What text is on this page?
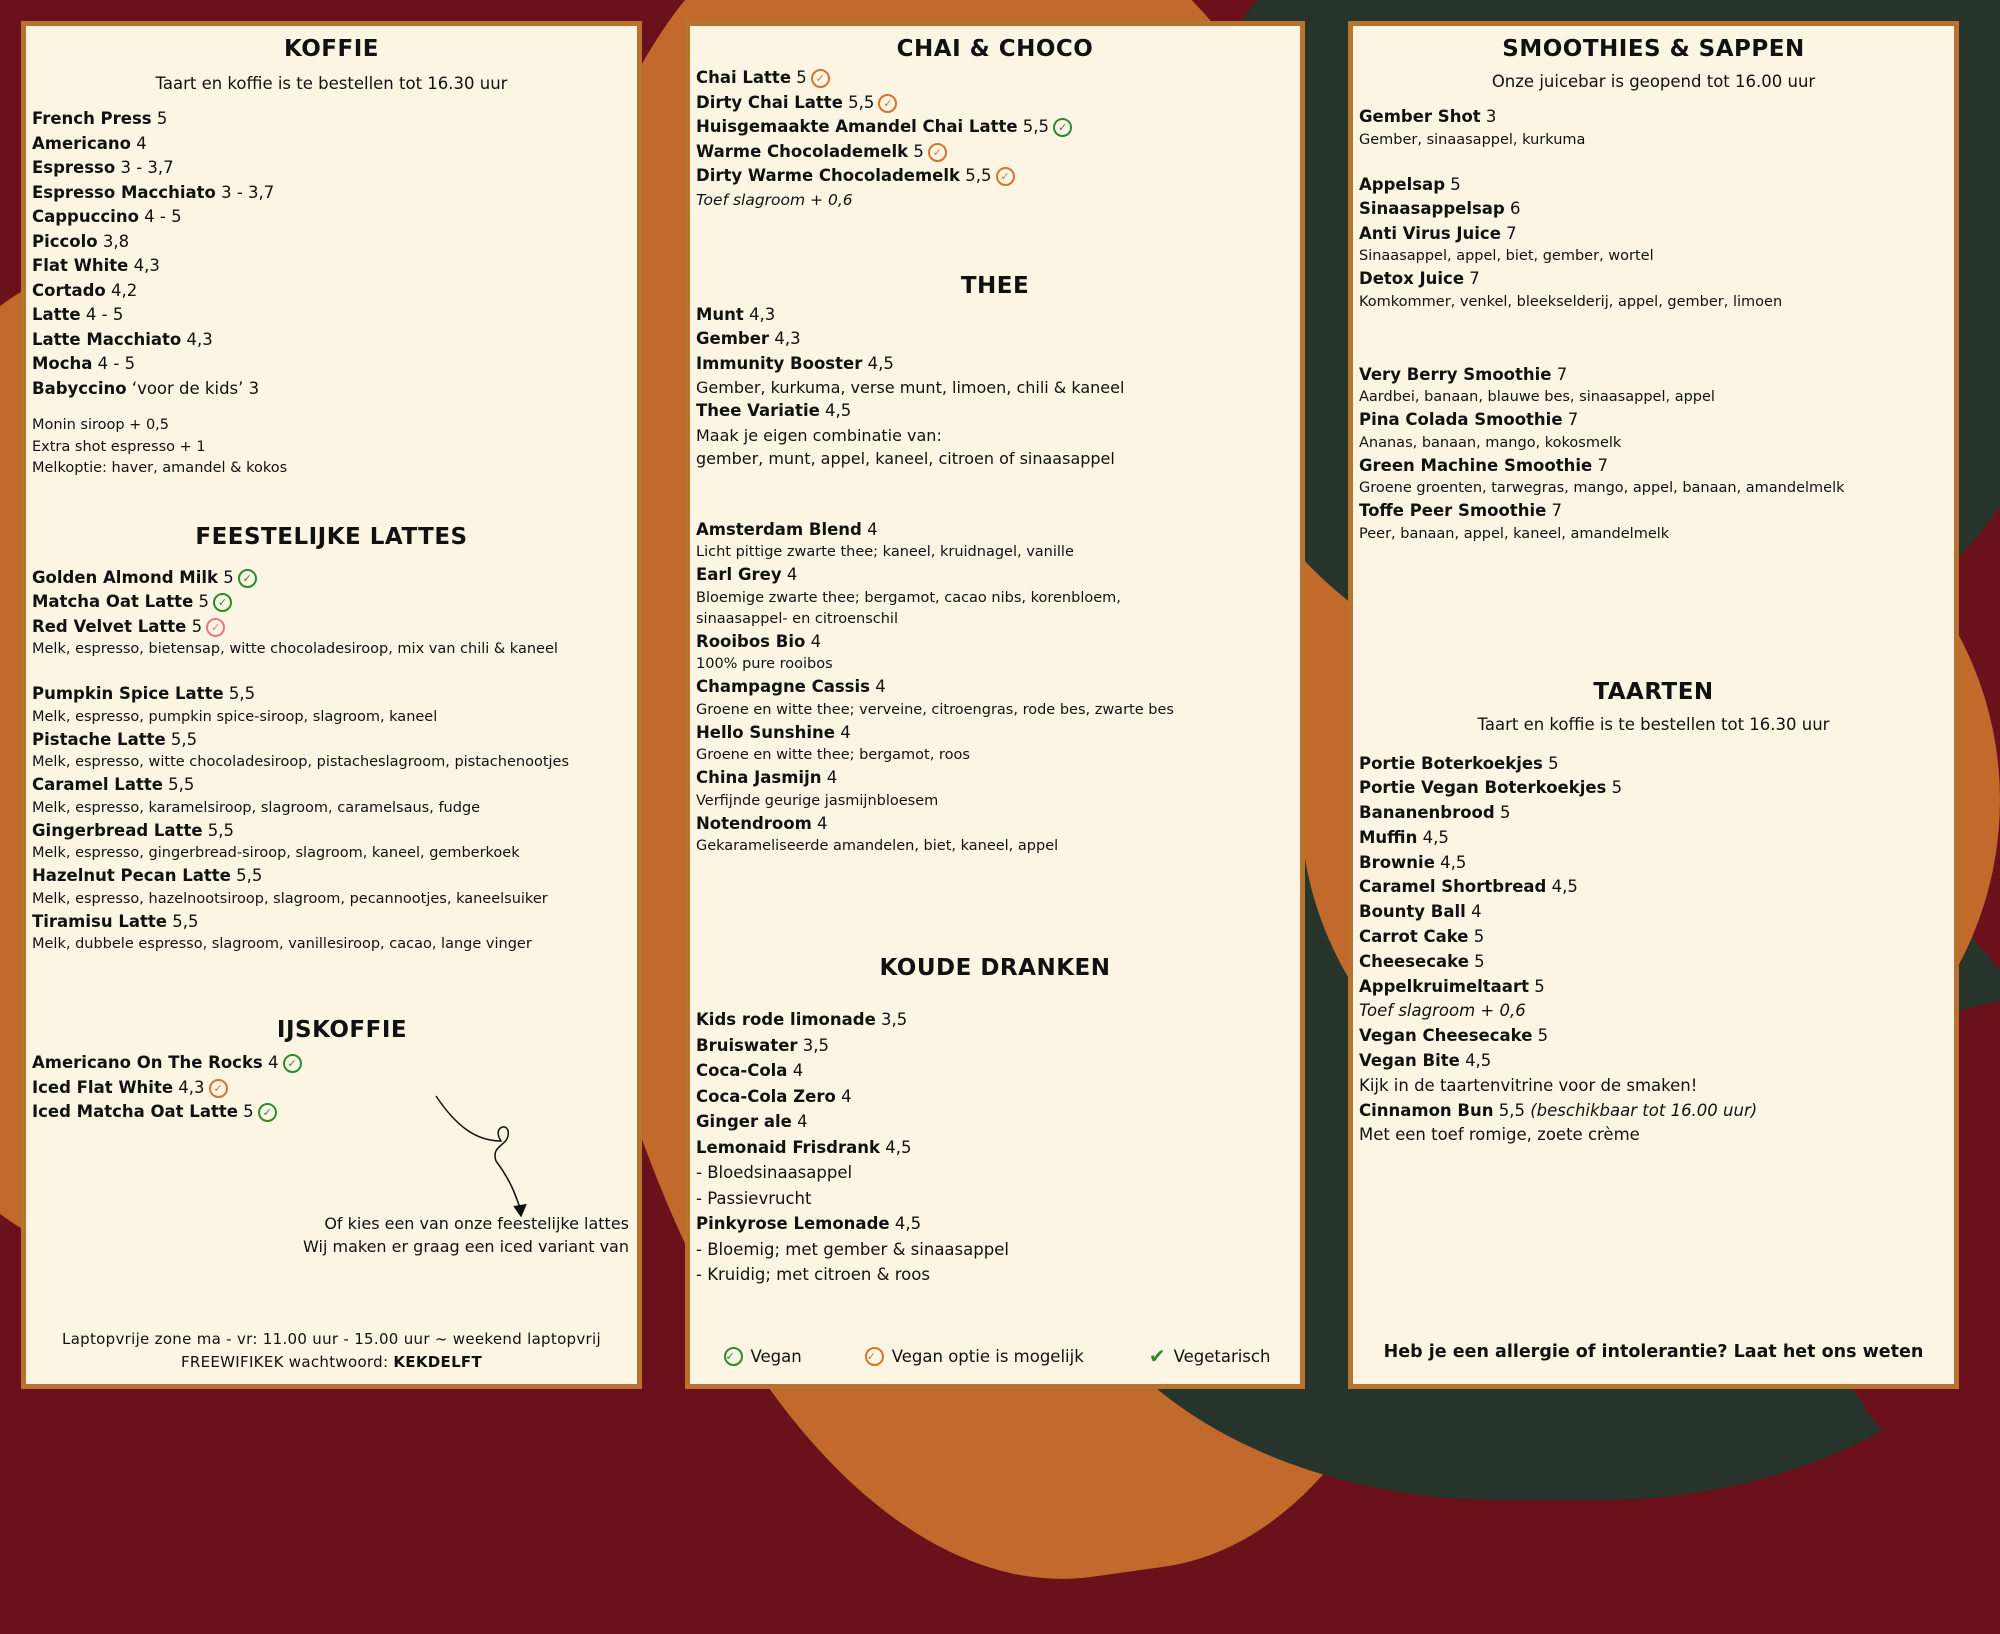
KOFFIE

Taart en koffie is te bestellen tot 16.30 uur

French Press 5
Americano 4
Espresso 3 - 3,7
Espresso Macchiato 3 - 3,7
Cappuccino 4 - 5
Piccolo 3,8
Flat White 4,3
Cortado 4,2
Latte 4 - 5
Latte Macchiato 4,3
Mocha 4 - 5
Babyccino ‘voor de kids’ 3
Monin siroop + 0,5
Extra shot espresso + 1
Melkoptie: haver, amandel & kokos
FEESTELIJKE LATTES
Golden Almond Milk 5 ✓
Matcha Oat Latte 5 ✓
Red Velvet Latte 5 ✓
Melk, espresso, bietensap, witte chocoladesiroop, mix van chili & kaneel
Pumpkin Spice Latte 5,5
Melk, espresso, pumpkin spice-siroop, slagroom, kaneel
Pistache Latte 5,5
Melk, espresso, witte chocoladesiroop, pistacheslagroom, pistachenootjes
Caramel Latte 5,5
Melk, espresso, karamelsiroop, slagroom, caramelsaus, fudge
Gingerbread Latte 5,5
Melk, espresso, gingerbread-siroop, slagroom, kaneel, gemberkoek
Hazelnut Pecan Latte 5,5
Melk, espresso, hazelnootsiroop, slagroom, pecannootjes, kaneelsuiker
Tiramisu Latte 5,5
Melk, dubbele espresso, slagroom, vanillesiroop, cacao, lange vinger
IJSKOFFIE
Americano On The Rocks 4 ✓
Iced Flat White 4,3 ✓
Iced Matcha Oat Latte 5 ✓
Of kies een van onze feestelijke lattes
Wij maken er graag een iced variant van
Laptopvrije zone ma - vr: 11.00 uur - 15.00 uur ~ weekend laptopvrij
FREEWIFIKEK wachtwoord: KEKDELFT
CHAI & CHOCO
Chai Latte 5 ✓
Dirty Chai Latte 5,5 ✓
Huisgemaakte Amandel Chai Latte 5,5 ✓
Warme Chocolademelk 5 ✓
Dirty Warme Chocolademelk 5,5 ✓
Toef slagroom + 0,6
THEE
Munt 4,3
Gember 4,3
Immunity Booster 4,5
Gember, kurkuma, verse munt, limoen, chili & kaneel
Thee Variatie 4,5
Maak je eigen combinatie van:
gember, munt, appel, kaneel, citroen of sinaasappel
Amsterdam Blend 4
Licht pittige zwarte thee; kaneel, kruidnagel, vanille
Earl Grey 4
Bloemige zwarte thee; bergamot, cacao nibs, korenbloem,
sinaasappel- en citroenschil
Rooibos Bio 4
100% pure rooibos
Champagne Cassis 4
Groene en witte thee; verveine, citroengras, rode bes, zwarte bes
Hello Sunshine 4
Groene en witte thee; bergamot, roos
China Jasmijn 4
Verfijnde geurige jasmijnbloesem
Notendroom 4
Gekarameliseerde amandelen, biet, kaneel, appel
KOUDE DRANKEN
Kids rode limonade 3,5
Bruiswater 3,5
Coca-Cola 4
Coca-Cola Zero 4
Ginger ale 4
Lemonaid Frisdrank 4,5
- Bloedsinaasappel
- Passievrucht
Pinkyrose Lemonade 4,5
- Bloemig; met gember & sinaasappel
- Kruidig; met citroen & roos
✓ Vegan	✓ Vegan optie is mogelijk	✔ Vegetarisch
SMOOTHIES & SAPPEN

Onze juicebar is geopend tot 16.00 uur

Gember Shot 3
Gember, sinaasappel, kurkuma
Appelsap 5
Sinaasappelsap 6
Anti Virus Juice 7
Sinaasappel, appel, biet, gember, wortel
Detox Juice 7
Komkommer, venkel, bleekselderij, appel, gember, limoen
Very Berry Smoothie 7
Aardbei, banaan, blauwe bes, sinaasappel, appel
Pina Colada Smoothie 7
Ananas, banaan, mango, kokosmelk
Green Machine Smoothie 7
Groene groenten, tarwegras, mango, appel, banaan, amandelmelk
Toffe Peer Smoothie 7
Peer, banaan, appel, kaneel, amandelmelk
TAARTEN

Taart en koffie is te bestellen tot 16.30 uur

Portie Boterkoekjes 5
Portie Vegan Boterkoekjes 5
Bananenbrood 5
Muffin 4,5
Brownie 4,5
Caramel Shortbread 4,5
Bounty Ball 4
Carrot Cake 5
Cheesecake 5
Appelkruimeltaart 5
Toef slagroom + 0,6
Vegan Cheesecake 5
Vegan Bite 4,5
Kijk in de taartenvitrine voor de smaken!
Cinnamon Bun 5,5 (beschikbaar tot 16.00 uur)
Met een toef romige, zoete crème
Heb je een allergie of intolerantie? Laat het ons weten
